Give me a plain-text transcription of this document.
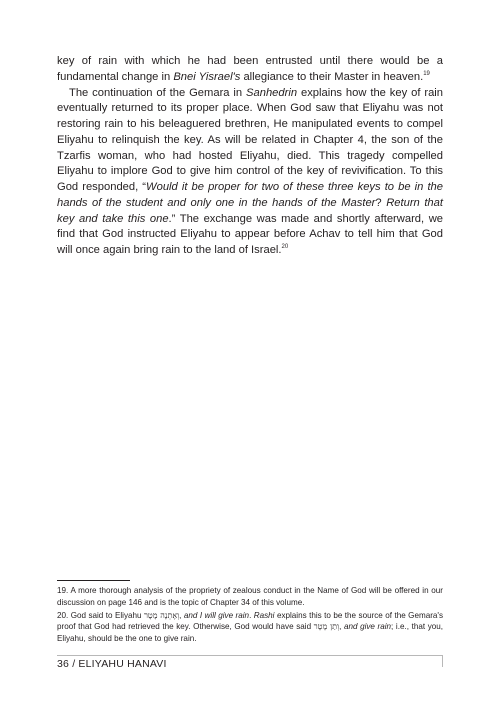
key of rain with which he had been entrusted until there would be a fundamental change in Bnei Yisrael's allegiance to their Master in heaven.$^{19}$

The continuation of the Gemara in Sanhedrin explains how the key of rain eventually returned to its proper place. When God saw that Eliyahu was not restoring rain to his beleaguered brethren, He manipulated events to compel Eliyahu to relinquish the key. As will be related in Chapter 4, the son of the Tzarfis woman, who had hosted Eliyahu, died. This tragedy compelled Eliyahu to implore God to give him control of the key of revivification. To this God responded, “Would it be proper for two of these three keys to be in the hands of the student and only one in the hands of the Master? Return that key and take this one.” The exchange was made and shortly afterward, we find that God instructed Eliyahu to appear before Achav to tell him that God will once again bring rain to the land of Israel.$^{20}$

19. A more thorough analysis of the propriety of zealous conduct in the Name of God will be offered in our discussion on page 146 and is the topic of Chapter 34 of this volume.

20. God said to Eliyahu וְאֶתְנָה מָטָר, and I will give rain. Rashi explains this to be the source of the Gemara's proof that God had retrieved the key. Otherwise, God would have said וְתַן מָטָר, and give rain; i.e., that you, Eliyahu, should be the one to give rain.

36 / ELIYAHU HANAVI
